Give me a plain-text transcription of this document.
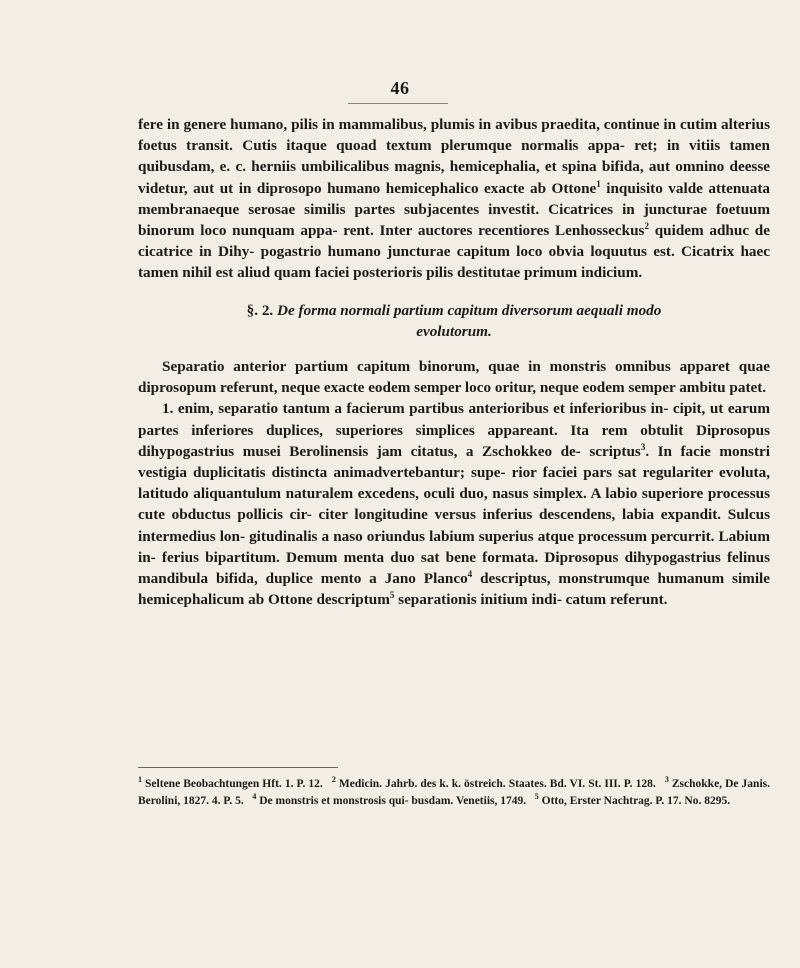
46

fere in genere humano, pilis in mammalibus, plumis in avibus praedita, continue in cutim alterius foetus transit. Cutis itaque quoad textum plerumque normalis appa- ret; in vitiis tamen quibusdam, e. c. herniis umbilicalibus magnis, hemicephalia, et spina bifida, aut omnino deesse videtur, aut ut in diprosopo humano hemicephalico exacte ab Ottone$^1$ inquisito valde attenuata membranaeque serosae similis partes subjacentes investit. Cicatrices in juncturae foetuum binorum loco nunquam appa- rent. Inter auctores recentiores Lenhosseckus$^2$ quidem adhuc de cicatrice in Dihy- pogastrio humano juncturae capitum loco obvia loquutus est. Cicatrix haec tamen nihil est aliud quam faciei posterioris pilis destitutae primum indicium.

§. 2. De forma normali partium capitum diversorum aequali modo

evolutorum.

Separatio anterior partium capitum binorum, quae in monstris omnibus apparet quae diprosopum referunt, neque exacte eodem semper loco oritur, neque eodem semper ambitu patet.

1. enim, separatio tantum a facierum partibus anterioribus et inferioribus in- cipit, ut earum partes inferiores duplices, superiores simplices appareant. Ita rem obtulit Diprosopus dihypogastrius musei Berolinensis jam citatus, a Zschokkeo de- scriptus$^3$. In facie monstri vestigia duplicitatis distincta animadvertebantur; supe- rior faciei pars sat regulariter evoluta, latitudo aliquantulum naturalem excedens, oculi duo, nasus simplex. A labio superiore processus cute obductus pollicis cir- citer longitudine versus inferius descendens, labia expandit. Sulcus intermedius lon- gitudinalis a naso oriundus labium superius atque processum percurrit. Labium in- ferius bipartitum. Demum menta duo sat bene formata. Diprosopus dihypogastrius felinus mandibula bifida, duplice mento a Jano Planco$^4$ descriptus, monstrumque humanum simile hemicephalicum ab Ottone descriptum$^5$ separationis initium indi- catum referunt.

$^1$ Seltene Beobachtungen Hft. 1. P. 12. $^2$ Medicin. Jahrb. des k. k. östreich. Staates. Bd. VI. St. III. P. 128. $^3$ Zschokke, De Janis. Berolini, 1827. 4. P. 5. $^4$ De monstris et monstrosis qui- busdam. Venetiis, 1749. $^5$ Otto, Erster Nachtrag. P. 17. No. 8295.
